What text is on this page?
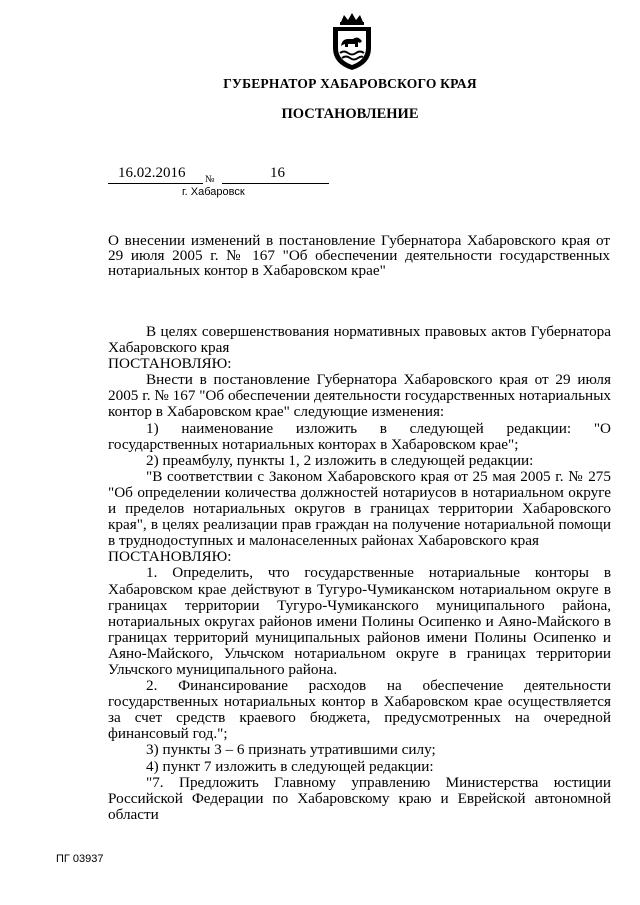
ГУБЕРНАТОР ХАБАРОВСКОГО КРАЯ
ПОСТАНОВЛЕНИЕ
16.02.2016 №	16
г. Хабаровск
О внесении изменений в постановление Губернатора Хабаровского края от 29 июля 2005 г. № 167 "Об обеспечении деятельности государственных нотариальных контор в Хабаровском крае"

В целях совершенствования нормативных правовых актов Губернатора Хабаровского края

ПОСТАНОВЛЯЮ:

Внести в постановление Губернатора Хабаровского края от 29 июля 2005 г. № 167 "Об обеспечении деятельности государственных нотариальных контор в Хабаровском крае" следующие изменения:

1) наименование изложить в следующей редакции: "О государственных нотариальных конторах в Хабаровском крае";

2) преамбулу, пункты 1, 2 изложить в следующей редакции:

"В соответствии с Законом Хабаровского края от 25 мая 2005 г. № 275 "Об определении количества должностей нотариусов в нотариальном округе и пределов нотариальных округов в границах территории Хабаровского края", в целях реализации прав граждан на получение нотариальной помощи в труднодоступных и малонаселенных районах Хабаровского края

ПОСТАНОВЛЯЮ:

1. Определить, что государственные нотариальные конторы в Хабаровском крае действуют в Тугуро-Чумиканском нотариальном округе в границах территории Тугуро-Чумиканского муниципального района, нотариальных округах районов имени Полины Осипенко и Аяно-Майского в границах территорий муниципальных районов имени Полины Осипенко и Аяно-Майского, Ульчском нотариальном округе в границах территории Ульчского муниципального района.

2. Финансирование расходов на обеспечение деятельности государственных нотариальных контор в Хабаровском крае осуществляется за счет средств краевого бюджета, предусмотренных на очередной финансовый год.";

3) пункты 3 – 6 признать утратившими силу;

4) пункт 7 изложить в следующей редакции:

"7. Предложить Главному управлению Министерства юстиции Российской Федерации по Хабаровскому краю и Еврейской автономной области

ПГ 03937
